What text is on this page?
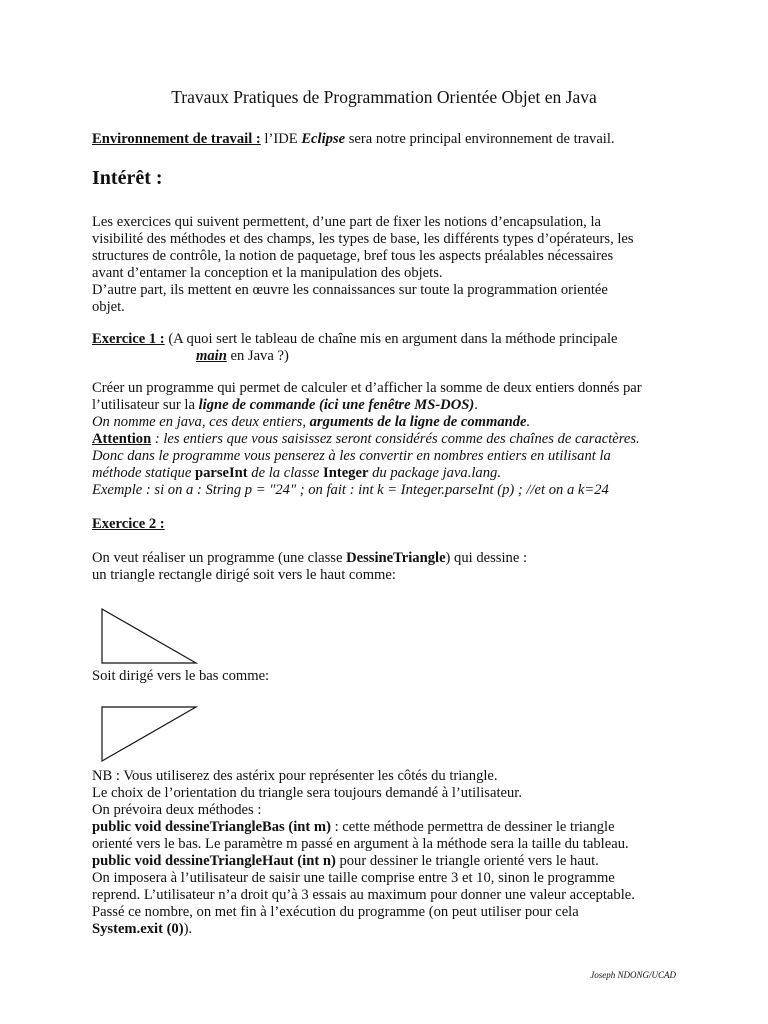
Travaux Pratiques de Programmation Orientée Objet en Java

Environnement de travail : l’IDE Eclipse sera notre principal environnement de travail.

Intérêt :

Les exercices qui suivent permettent, d’une part de fixer les notions d’encapsulation, la

visibilité des méthodes et des champs, les types de base, les différents types d’opérateurs, les

structures de contrôle, la notion de paquetage, bref tous les aspects préalables nécessaires

avant d’entamer la conception et la manipulation des objets.

D’autre part, ils mettent en œuvre les connaissances sur toute la programmation orientée

objet.

Exercice 1 : (A quoi sert le tableau de chaîne mis en argument dans la méthode principale

main en Java ?)

Créer un programme qui permet de calculer et d’afficher la somme de deux entiers donnés par

l’utilisateur sur la ligne de commande (ici une fenêtre MS-DOS).

On nomme en java, ces deux entiers, arguments de la ligne de commande.

Attention : les entiers que vous saisissez seront considérés comme des chaînes de caractères.

Donc dans le programme vous penserez à les convertir en nombres entiers en utilisant la

méthode statique parseInt de la classe Integer du package java.lang.

Exemple : si on a : String p = "24" ; on fait : int k = Integer.parseInt (p) ; //et on a k=24

Exercice 2 :

On veut réaliser un programme (une classe DessineTriangle) qui dessine :

un triangle rectangle dirigé soit vers le haut comme:

Soit dirigé vers le bas comme:

NB : Vous utiliserez des astérix pour représenter les côtés du triangle.

Le choix de l’orientation du triangle sera toujours demandé à l’utilisateur.

On prévoira deux méthodes :

public void dessineTriangleBas (int m) : cette méthode permettra de dessiner le triangle

orienté vers le bas. Le paramètre m passé en argument à la méthode sera la taille du tableau.

public void dessineTriangleHaut (int n) pour dessiner le triangle orienté vers le haut.

On imposera à l’utilisateur de saisir une taille comprise entre 3 et 10, sinon le programme

reprend. L’utilisateur n’a droit qu’à 3 essais au maximum pour donner une valeur acceptable.

Passé ce nombre, on met fin à l’exécution du programme (on peut utiliser pour cela

System.exit (0)).

Joseph NDONG/UCAD
